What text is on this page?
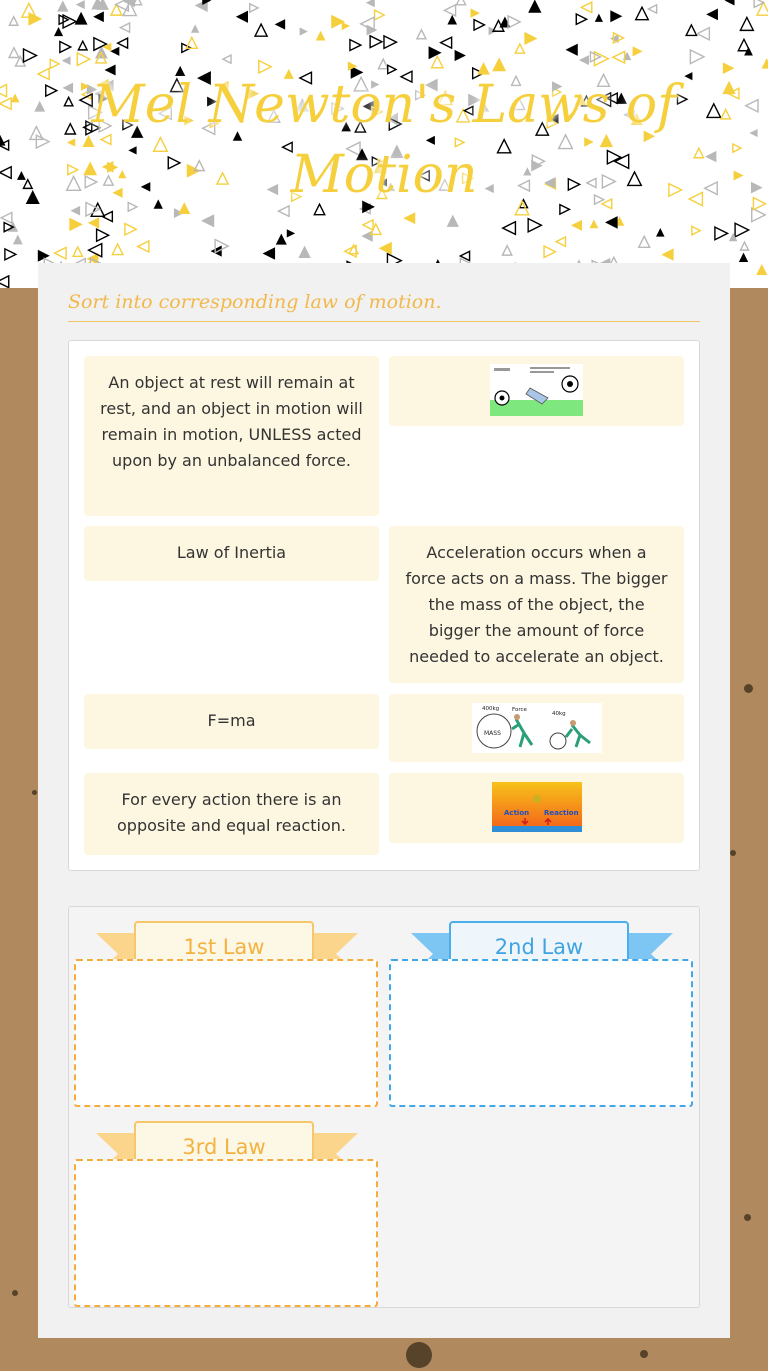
Mel Newton's Laws of Motion
Sort into corresponding law of motion.
An object at rest will remain at rest, and an object in motion will remain in motion, UNLESS acted upon by an unbalanced force.
Law of Inertia	Acceleration occurs when a force acts on a mass. The bigger the mass of the object, the bigger the amount of force needed to accelerate an object.
F=ma
MASS
400kg Force
40kg
For every action there is an opposite and equal reaction.
Action Reaction
1st Law	2nd Law
3rd Law
